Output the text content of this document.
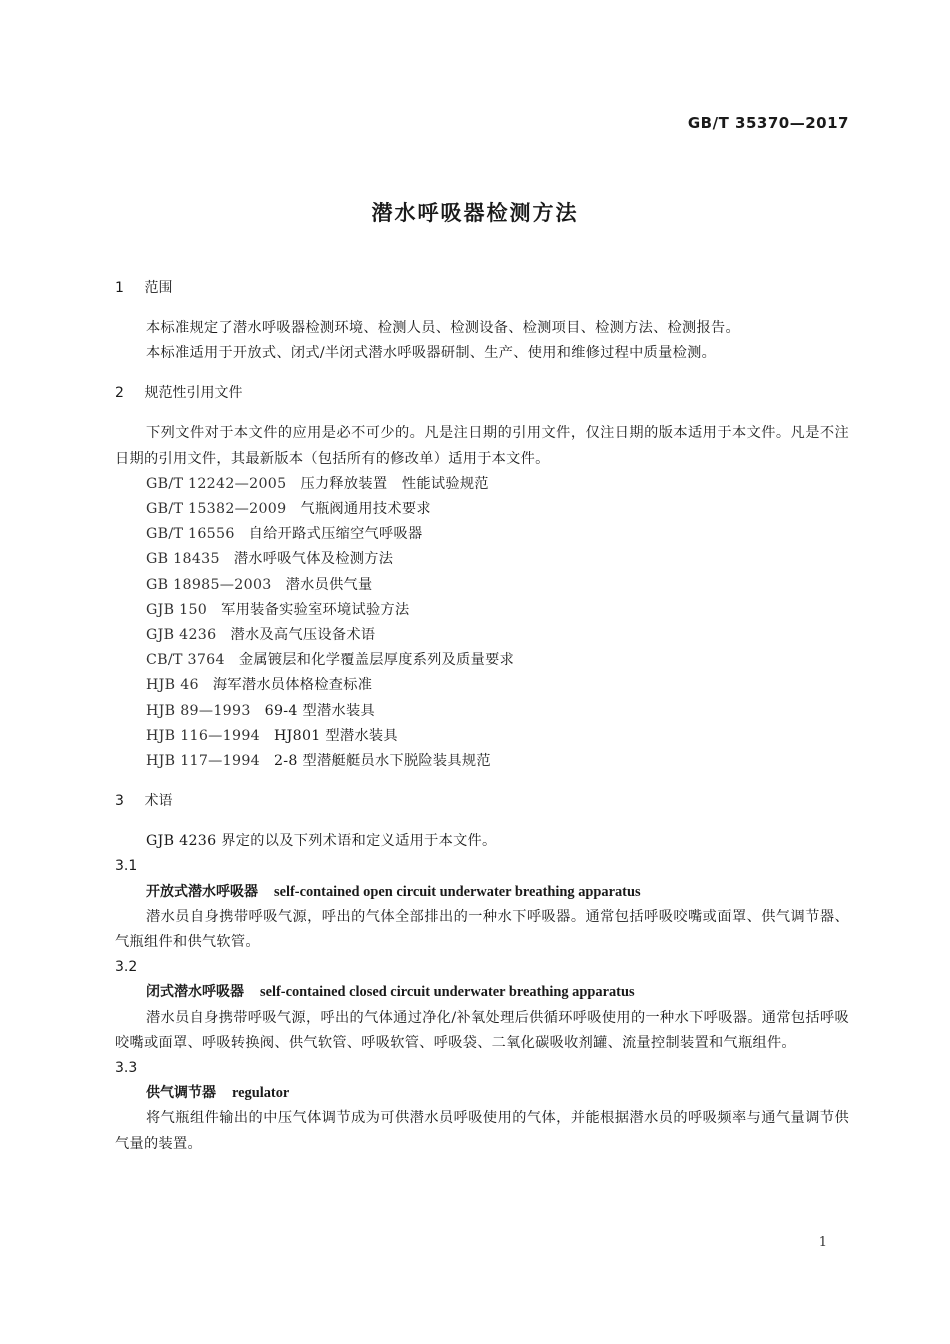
GB/T 35370—2017
潜水呼吸器检测方法
1 范围
本标准规定了潜水呼吸器检测环境、检测人员、检测设备、检测项目、检测方法、检测报告。
本标准适用于开放式、闭式/半闭式潜水呼吸器研制、生产、使用和维修过程中质量检测。
2 规范性引用文件
下列文件对于本文件的应用是必不可少的。凡是注日期的引用文件，仅注日期的版本适用于本文件。凡是不注日期的引用文件，其最新版本（包括所有的修改单）适用于本文件。
GB/T 12242—2005 压力释放装置　性能试验规范
GB/T 15382—2009 气瓶阀通用技术要求
GB/T 16556 自给开路式压缩空气呼吸器
GB 18435 潜水呼吸气体及检测方法
GB 18985—2003 潜水员供气量
GJB 150 军用装备实验室环境试验方法
GJB 4236 潜水及高气压设备术语
CB/T 3764 金属镀层和化学覆盖层厚度系列及质量要求
HJB 46 海军潜水员体格检查标准
HJB 89—1993 69-4 型潜水装具
HJB 116—1994 HJ801 型潜水装具
HJB 117—1994 2-8 型潜艇艇员水下脱险装具规范
3 术语
GJB 4236 界定的以及下列术语和定义适用于本文件。
3.1
开放式潜水呼吸器 self-contained open circuit underwater breathing apparatus
潜水员自身携带呼吸气源，呼出的气体全部排出的一种水下呼吸器。通常包括呼吸咬嘴或面罩、供气调节器、气瓶组件和供气软管。
3.2
闭式潜水呼吸器 self-contained closed circuit underwater breathing apparatus
潜水员自身携带呼吸气源，呼出的气体通过净化/补氧处理后供循环呼吸使用的一种水下呼吸器。通常包括呼吸咬嘴或面罩、呼吸转换阀、供气软管、呼吸软管、呼吸袋、二氧化碳吸收剂罐、流量控制装置和气瓶组件。
3.3
供气调节器 regulator
将气瓶组件输出的中压气体调节成为可供潜水员呼吸使用的气体，并能根据潜水员的呼吸频率与通气量调节供气量的装置。
1
